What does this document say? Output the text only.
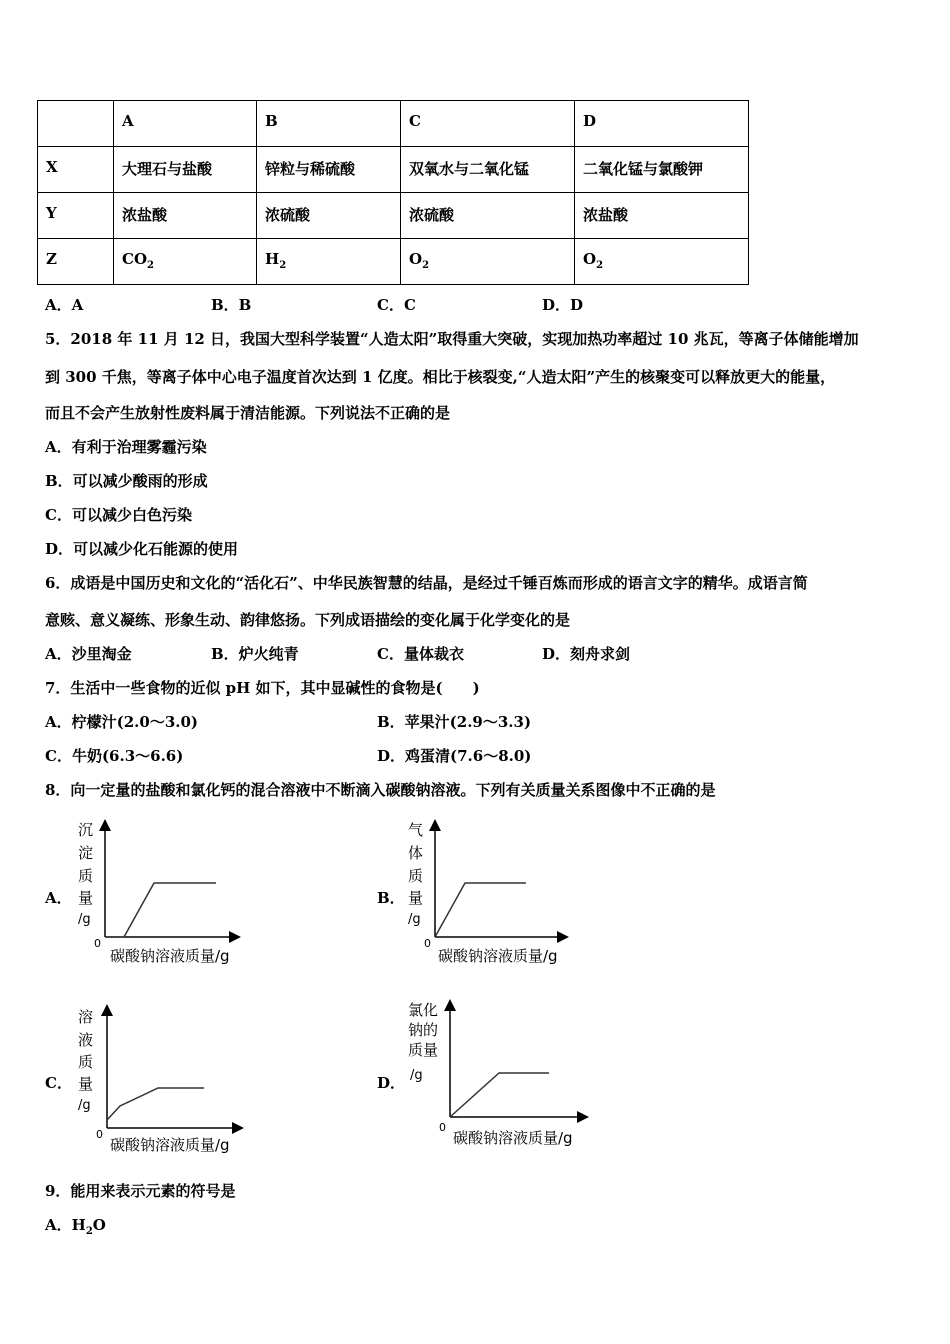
	A	B	C	D
X	大理石与盐酸	锌粒与稀硫酸	双氧水与二氧化锰	二氧化锰与氯酸钾
Y	浓盐酸	浓硫酸	浓硫酸	浓盐酸
Z	$CO_2$	$H_2$	$O_2$	$O_2$
A．A	B．B	C．C	D．D
5．2018 年 11 月 12 日，我国大型科学装置“人造太阳”取得重大突破，实现加热功率超过 10 兆瓦，等离子体储能增加
到 300 千焦，等离子体中心电子温度首次达到 1 亿度。相比于核裂变,“人造太阳”产生的核聚变可以释放更大的能量，
而且不会产生放射性废料属于清洁能源。下列说法不正确的是
A．有利于治理雾霾污染
B．可以减少酸雨的形成
C．可以减少白色污染
D．可以减少化石能源的使用
6．成语是中国历史和文化的“活化石”、中华民族智慧的结晶，是经过千锤百炼而形成的语言文字的精华。成语言简
意赅、意义凝练、形象生动、韵律悠扬。下列成语描绘的变化属于化学变化的是
A．沙里淘金	B．炉火纯青	C．量体裁衣	D．刻舟求剑
7．生活中一些食物的近似 pH 如下，其中显碱性的食物是(　　)
A．柠檬汁(2.0～3.0)	B．苹果汁(2.9～3.3)
C．牛奶(6.3～6.6)	D．鸡蛋清(7.6～8.0)
8．向一定量的盐酸和氯化钙的混合溶液中不断滴入碳酸钠溶液。下列有关质量关系图像中不正确的是
A．
沉
淀
质
量
/g
0
碳酸钠溶液质量/g
B．
气
体
质
量
/g
0
碳酸钠溶液质量/g
C．
溶
液
质
量
/g
0
碳酸钠溶液质量/g
D．
氯化
钠的
质量
/g
0
碳酸钠溶液质量/g
9．能用来表示元素的符号是
A．$H_2O$
